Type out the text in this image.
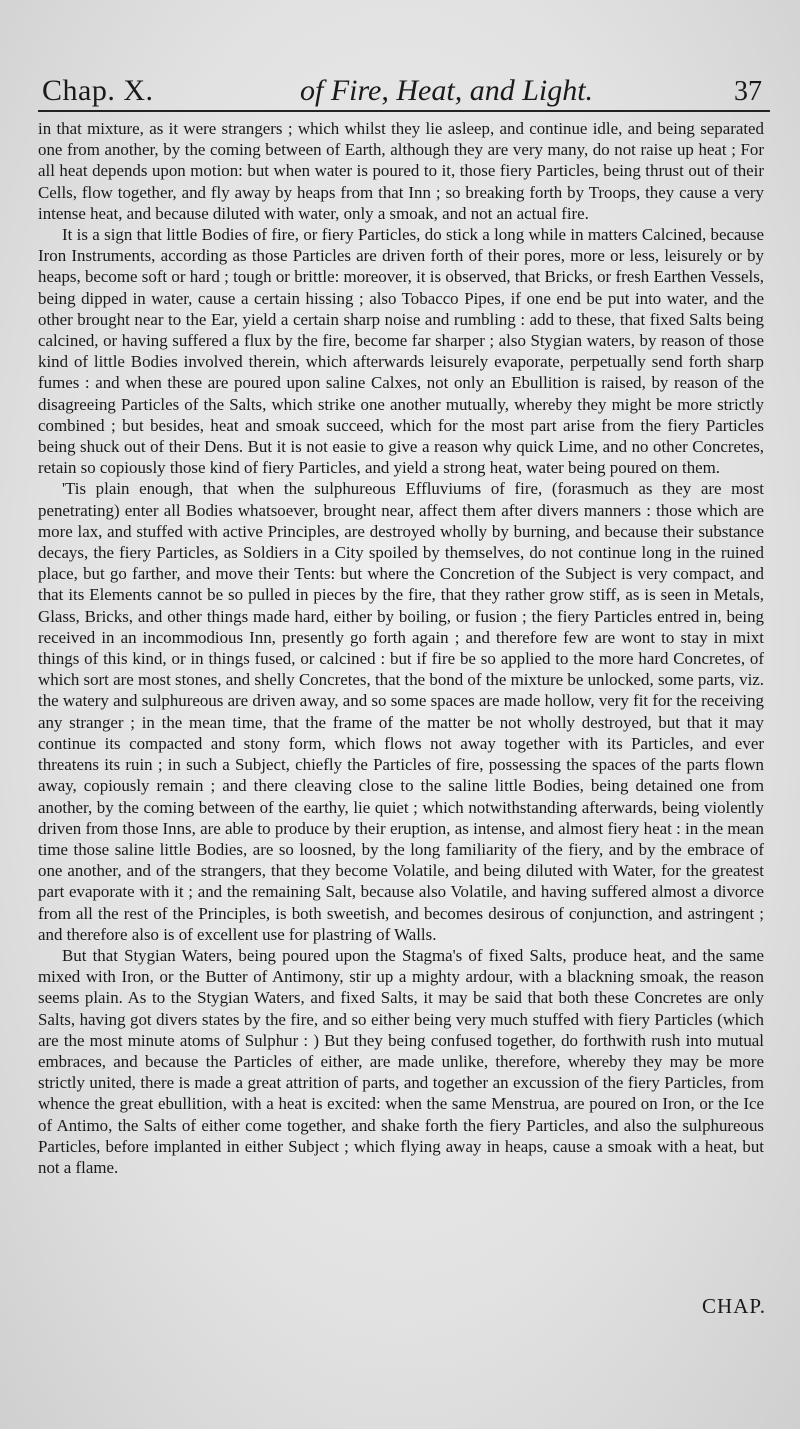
Chap. X.	of Fire, Heat, and Light.	37

in that mixture, as it were strangers ; which whilst they lie asleep, and continue idle, and being separated one from another, by the coming between of Earth, although they are very many, do not raise up heat ; For all heat depends upon motion: but when water is poured to it, those fiery Particles, being thrust out of their Cells, flow together, and fly away by heaps from that Inn ; so breaking forth by Troops, they cause a very intense heat, and because diluted with water, only a smoak, and not an actual fire.

It is a sign that little Bodies of fire, or fiery Particles, do stick a long while in matters Calcined, because Iron Instruments, according as those Particles are driven forth of their pores, more or less, leisurely or by heaps, become soft or hard ; tough or brittle: moreover, it is observed, that Bricks, or fresh Earthen Vessels, being dipped in water, cause a certain hissing ; also Tobacco Pipes, if one end be put into water, and the other brought near to the Ear, yield a certain sharp noise and rumbling : add to these, that fixed Salts being calcined, or having suffered a flux by the fire, become far sharper ; also Stygian waters, by reason of those kind of little Bodies involved therein, which afterwards leisurely evaporate, perpetually send forth sharp fumes : and when these are poured upon saline Calxes, not only an Ebullition is raised, by reason of the disagreeing Particles of the Salts, which strike one another mutually, whereby they might be more strictly combined ; but besides, heat and smoak succeed, which for the most part arise from the fiery Particles being shuck out of their Dens. But it is not easie to give a reason why quick Lime, and no other Concretes, retain so copiously those kind of fiery Particles, and yield a strong heat, water being poured on them.

'Tis plain enough, that when the sulphureous Effluviums of fire, (forasmuch as they are most penetrating) enter all Bodies whatsoever, brought near, affect them after divers manners : those which are more lax, and stuffed with active Principles, are destroyed wholly by burning, and because their substance decays, the fiery Particles, as Soldiers in a City spoiled by themselves, do not continue long in the ruined place, but go farther, and move their Tents: but where the Concretion of the Subject is very compact, and that its Elements cannot be so pulled in pieces by the fire, that they rather grow stiff, as is seen in Metals, Glass, Bricks, and other things made hard, either by boiling, or fusion ; the fiery Particles entred in, being received in an incommodious Inn, presently go forth again ; and therefore few are wont to stay in mixt things of this kind, or in things fused, or calcined : but if fire be so applied to the more hard Concretes, of which sort are most stones, and shelly Concretes, that the bond of the mixture be unlocked, some parts, viz. the watery and sulphureous are driven away, and so some spaces are made hollow, very fit for the receiving any stranger ; in the mean time, that the frame of the matter be not wholly destroyed, but that it may continue its compacted and stony form, which flows not away together with its Particles, and ever threatens its ruin ; in such a Subject, chiefly the Particles of fire, possessing the spaces of the parts flown away, copiously remain ; and there cleaving close to the saline little Bodies, being detained one from another, by the coming between of the earthy, lie quiet ; which notwithstanding afterwards, being violently driven from those Inns, are able to produce by their eruption, as intense, and almost fiery heat : in the mean time those saline little Bodies, are so loosned, by the long familiarity of the fiery, and by the embrace of one another, and of the strangers, that they become Volatile, and being diluted with Water, for the greatest part evaporate with it ; and the remaining Salt, because also Volatile, and having suffered almost a divorce from all the rest of the Principles, is both sweetish, and becomes desirous of conjunction, and astringent ; and therefore also is of excellent use for plastring of Walls.

But that Stygian Waters, being poured upon the Stagma's of fixed Salts, produce heat, and the same mixed with Iron, or the Butter of Antimony, stir up a mighty ardour, with a blackning smoak, the reason seems plain. As to the Stygian Waters, and fixed Salts, it may be said that both these Concretes are only Salts, having got divers states by the fire, and so either being very much stuffed with fiery Particles (which are the most minute atoms of Sulphur : ) But they being confused together, do forthwith rush into mutual embraces, and because the Particles of either, are made unlike, therefore, whereby they may be more strictly united, there is made a great attrition of parts, and together an excussion of the fiery Particles, from whence the great ebullition, with a heat is excited: when the same Menstrua, are poured on Iron, or the Ice of Antimo, the Salts of either come together, and shake forth the fiery Particles, and also the sulphureous Particles, before implanted in either Subject ; which flying away in heaps, cause a smoak with a heat, but not a flame.

CHAP.
